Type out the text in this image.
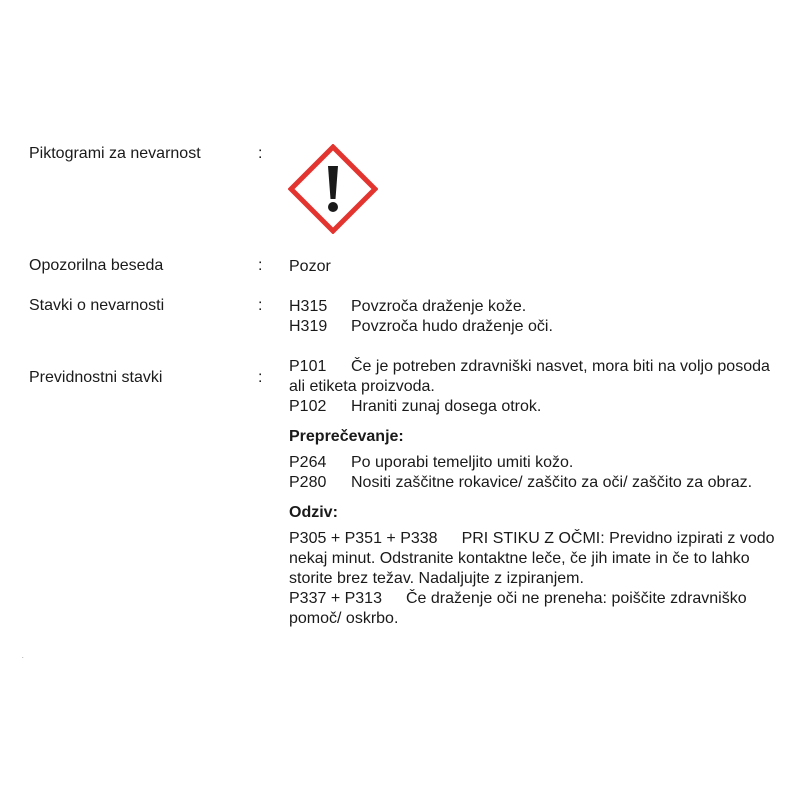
Piktogrami za nevarnost	:
Opozorilna beseda	: Pozor
Stavki o nevarnosti	: H315 Povzroča draženje kože.

H319 Povzroča hudo draženje oči.

Previdnostni stavki	:

P101 Če je potreben zdravniški nasvet, mora biti na voljo posoda ali etiketa proizvoda.

P102 Hraniti zunaj dosega otrok.

Preprečevanje:

P264 Po uporabi temeljito umiti kožo.

P280 Nositi zaščitne rokavice/ zaščito za oči/ zaščito za obraz.

Odziv:

P305 + P351 + P338 PRI STIKU Z OČMI: Previdno izpirati z vodo nekaj minut. Odstranite kontaktne leče, če jih imate in če to lahko storite brez težav. Nadaljujte z izpiranjem.

P337 + P313 Če draženje oči ne preneha: poiščite zdravniško pomoč/ oskrbo.

.
